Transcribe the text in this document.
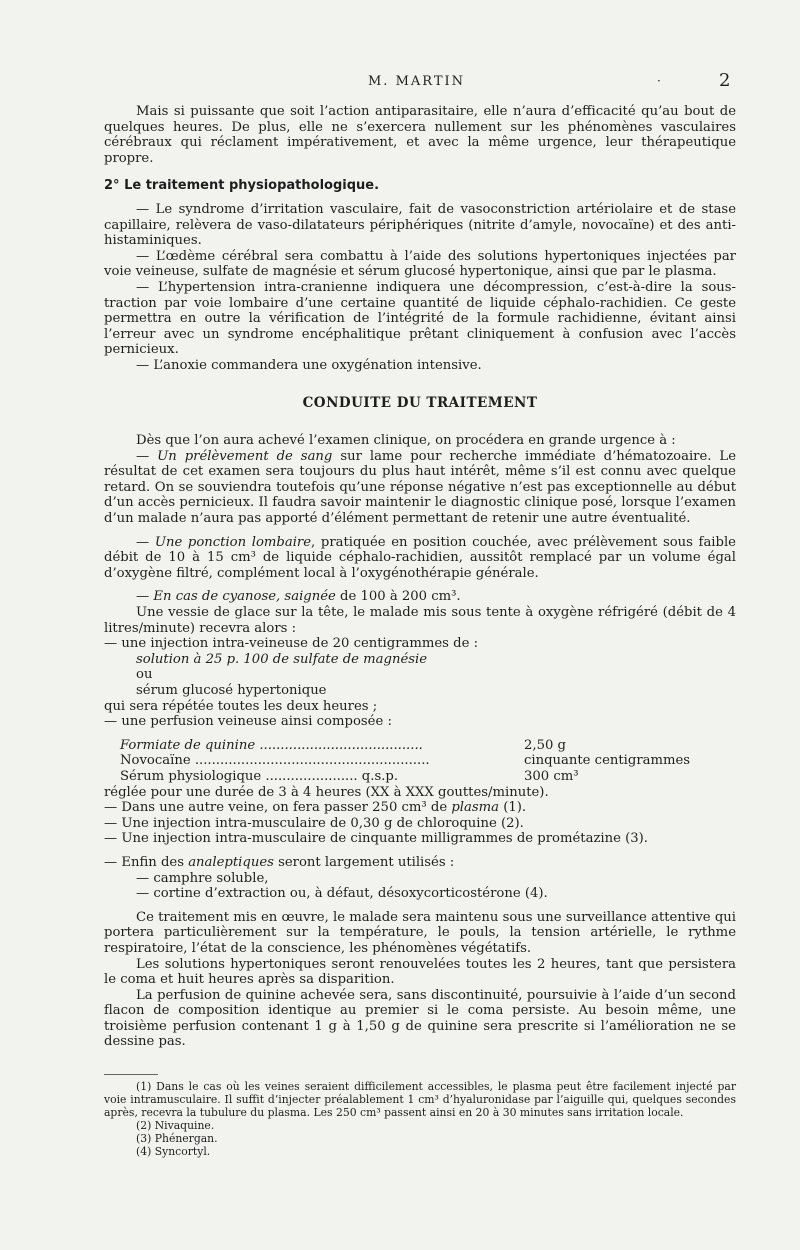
M. MARTIN	·	2

Mais si puissante que soit l’action antiparasitaire, elle n’aura d’efficacité qu’au bout de quelques heures. De plus, elle ne s’exercera nullement sur les phénomènes vasculaires cérébraux qui réclament impérativement, et avec la même urgence, leur thérapeutique propre.

2° Le traitement physiopathologique.

— Le syndrome d’irritation vasculaire, fait de vasoconstriction artériolaire et de stase capillaire, relèvera de vaso-dilatateurs périphériques (nitrite d’amyle, novocaïne) et des anti-histaminiques.

— L’œdème cérébral sera combattu à l’aide des solutions hypertoniques injectées par voie veineuse, sulfate de magnésie et sérum glucosé hypertonique, ainsi que par le plasma.

— L’hypertension intra-cranienne indiquera une décompression, c’est-à-dire la sous-traction par voie lombaire d’une certaine quantité de liquide céphalo-rachidien. Ce geste permettra en outre la vérification de l’intégrité de la formule rachidienne, évitant ainsi l’erreur avec un syndrome encéphalitique prêtant cliniquement à confusion avec l’accès pernicieux.

— L’anoxie commandera une oxygénation intensive.

CONDUITE DU TRAITEMENT

Dès que l’on aura achevé l’examen clinique, on procédera en grande urgence à :

— Un prélèvement de sang sur lame pour recherche immédiate d’hématozoaire. Le résultat de cet examen sera toujours du plus haut intérêt, même s’il est connu avec quelque retard. On se souviendra toutefois qu’une réponse négative n’est pas exceptionnelle au début d’un accès pernicieux. Il faudra savoir maintenir le diagnostic clinique posé, lorsque l’examen d’un malade n’aura pas apporté d’élément permettant de retenir une autre éventualité.

— Une ponction lombaire, pratiquée en position couchée, avec prélèvement sous faible débit de 10 à 15 cm³ de liquide céphalo-rachidien, aussitôt remplacé par un volume égal d’oxygène filtré, complément local à l’oxygénothérapie générale.

— En cas de cyanose, saignée de 100 à 200 cm³.

Une vessie de glace sur la tête, le malade mis sous tente à oxygène réfrigéré (débit de 4 litres/minute) recevra alors :

— une injection intra-veineuse de 20 centigrammes de :

solution à 25 p. 100 de sulfate de magnésie

ou

sérum glucosé hypertonique

qui sera répétée toutes les deux heures ;

— une perfusion veineuse ainsi composée :

Formiate de quinine .......................................	2,50 g
Novocaïne ........................................................	cinquante centigrammes
Sérum physiologique ...................... q.s.p.	300 cm³

réglée pour une durée de 3 à 4 heures (XX à XXX gouttes/minute).

— Dans une autre veine, on fera passer 250 cm³ de plasma (1).

— Une injection intra-musculaire de 0,30 g de chloroquine (2).

— Une injection intra-musculaire de cinquante milligrammes de prométazine (3).

— Enfin des analeptiques seront largement utilisés :

— camphre soluble,

— cortine d’extraction ou, à défaut, désoxycorticostérone (4).

Ce traitement mis en œuvre, le malade sera maintenu sous une surveillance attentive qui portera particulièrement sur la température, le pouls, la tension artérielle, le rythme respiratoire, l’état de la conscience, les phénomènes végétatifs.

Les solutions hypertoniques seront renouvelées toutes les 2 heures, tant que persistera le coma et huit heures après sa disparition.

La perfusion de quinine achevée sera, sans discontinuité, poursuivie à l’aide d’un second flacon de composition identique au premier si le coma persiste. Au besoin même, une troisième perfusion contenant 1 g à 1,50 g de quinine sera prescrite si l’amélioration ne se dessine pas.

(1) Dans le cas où les veines seraient difficilement accessibles, le plasma peut être facilement injecté par voie intramusculaire. Il suffit d’injecter préalablement 1 cm³ d’hyaluronidase par l’aiguille qui, quelques secondes après, recevra la tubulure du plasma. Les 250 cm³ passent ainsi en 20 à 30 minutes sans irritation locale.

(2) Nivaquine.

(3) Phénergan.

(4) Syncortyl.
